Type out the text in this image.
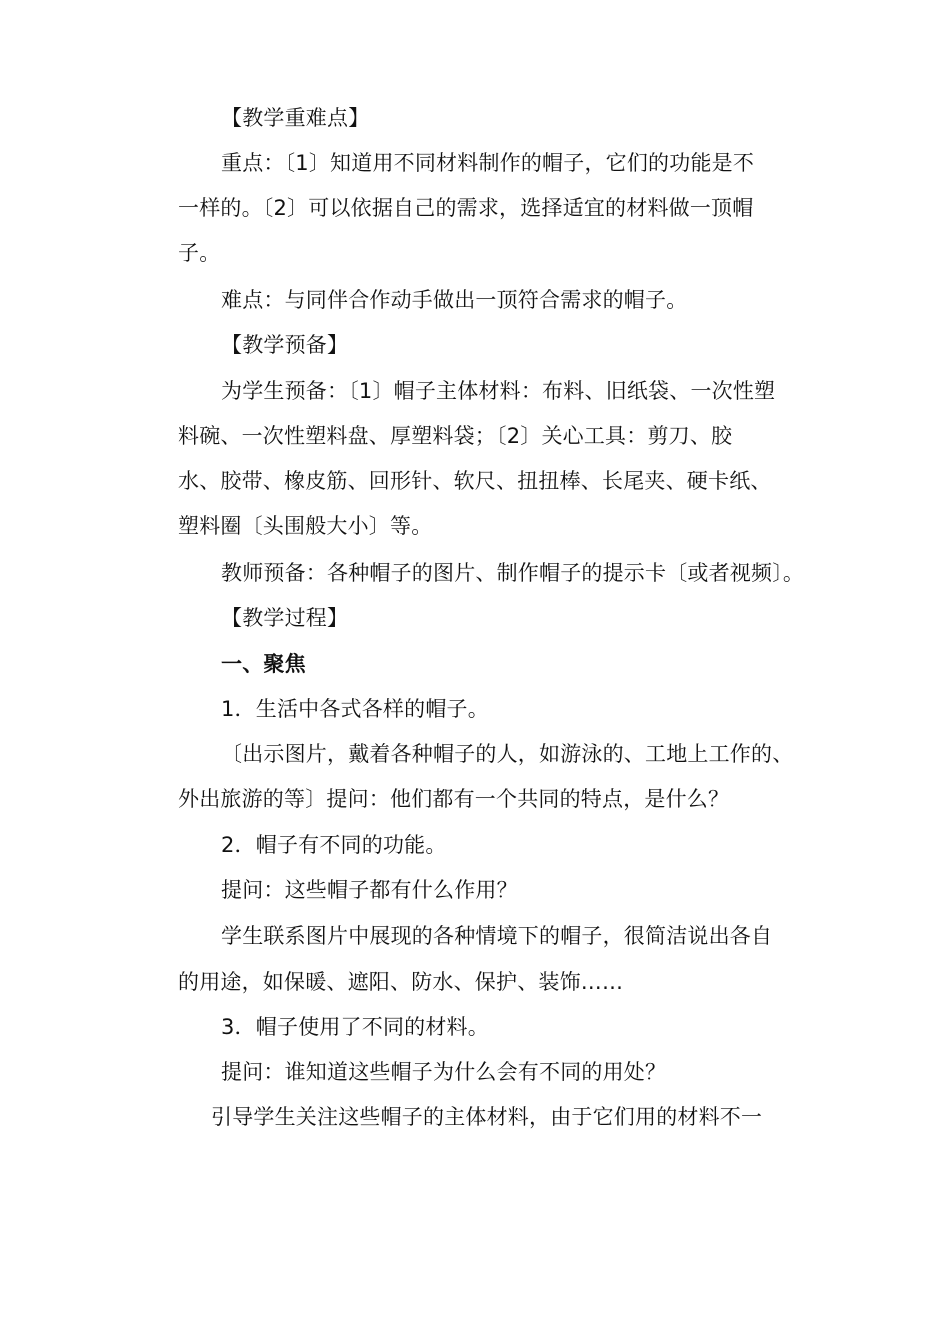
【教学重难点】
重点：〔1〕知道用不同材料制作的帽子，它们的功能是不
一样的。〔2〕可以依据自己的需求，选择适宜的材料做一顶帽
子。
难点：与同伴合作动手做出一顶符合需求的帽子。
【教学预备】
为学生预备：〔1〕帽子主体材料：布料、旧纸袋、一次性塑
料碗、一次性塑料盘、厚塑料袋；〔2〕关心工具：剪刀、胶
水、胶带、橡皮筋、回形针、软尺、扭扭棒、长尾夹、硬卡纸、
塑料圈〔头围般大小〕等。
教师预备：各种帽子的图片、制作帽子的提示卡〔或者视频〕。
【教学过程】
一、聚焦
1．生活中各式各样的帽子。
〔出示图片，戴着各种帽子的人，如游泳的、工地上工作的、
外出旅游的等〕提问：他们都有一个共同的特点，是什么？
2．帽子有不同的功能。
提问：这些帽子都有什么作用？
学生联系图片中展现的各种情境下的帽子，很简洁说出各自
的用途，如保暖、遮阳、防水、保护、装饰……
3．帽子使用了不同的材料。
提问：谁知道这些帽子为什么会有不同的用处？
引导学生关注这些帽子的主体材料，由于它们用的材料不一
